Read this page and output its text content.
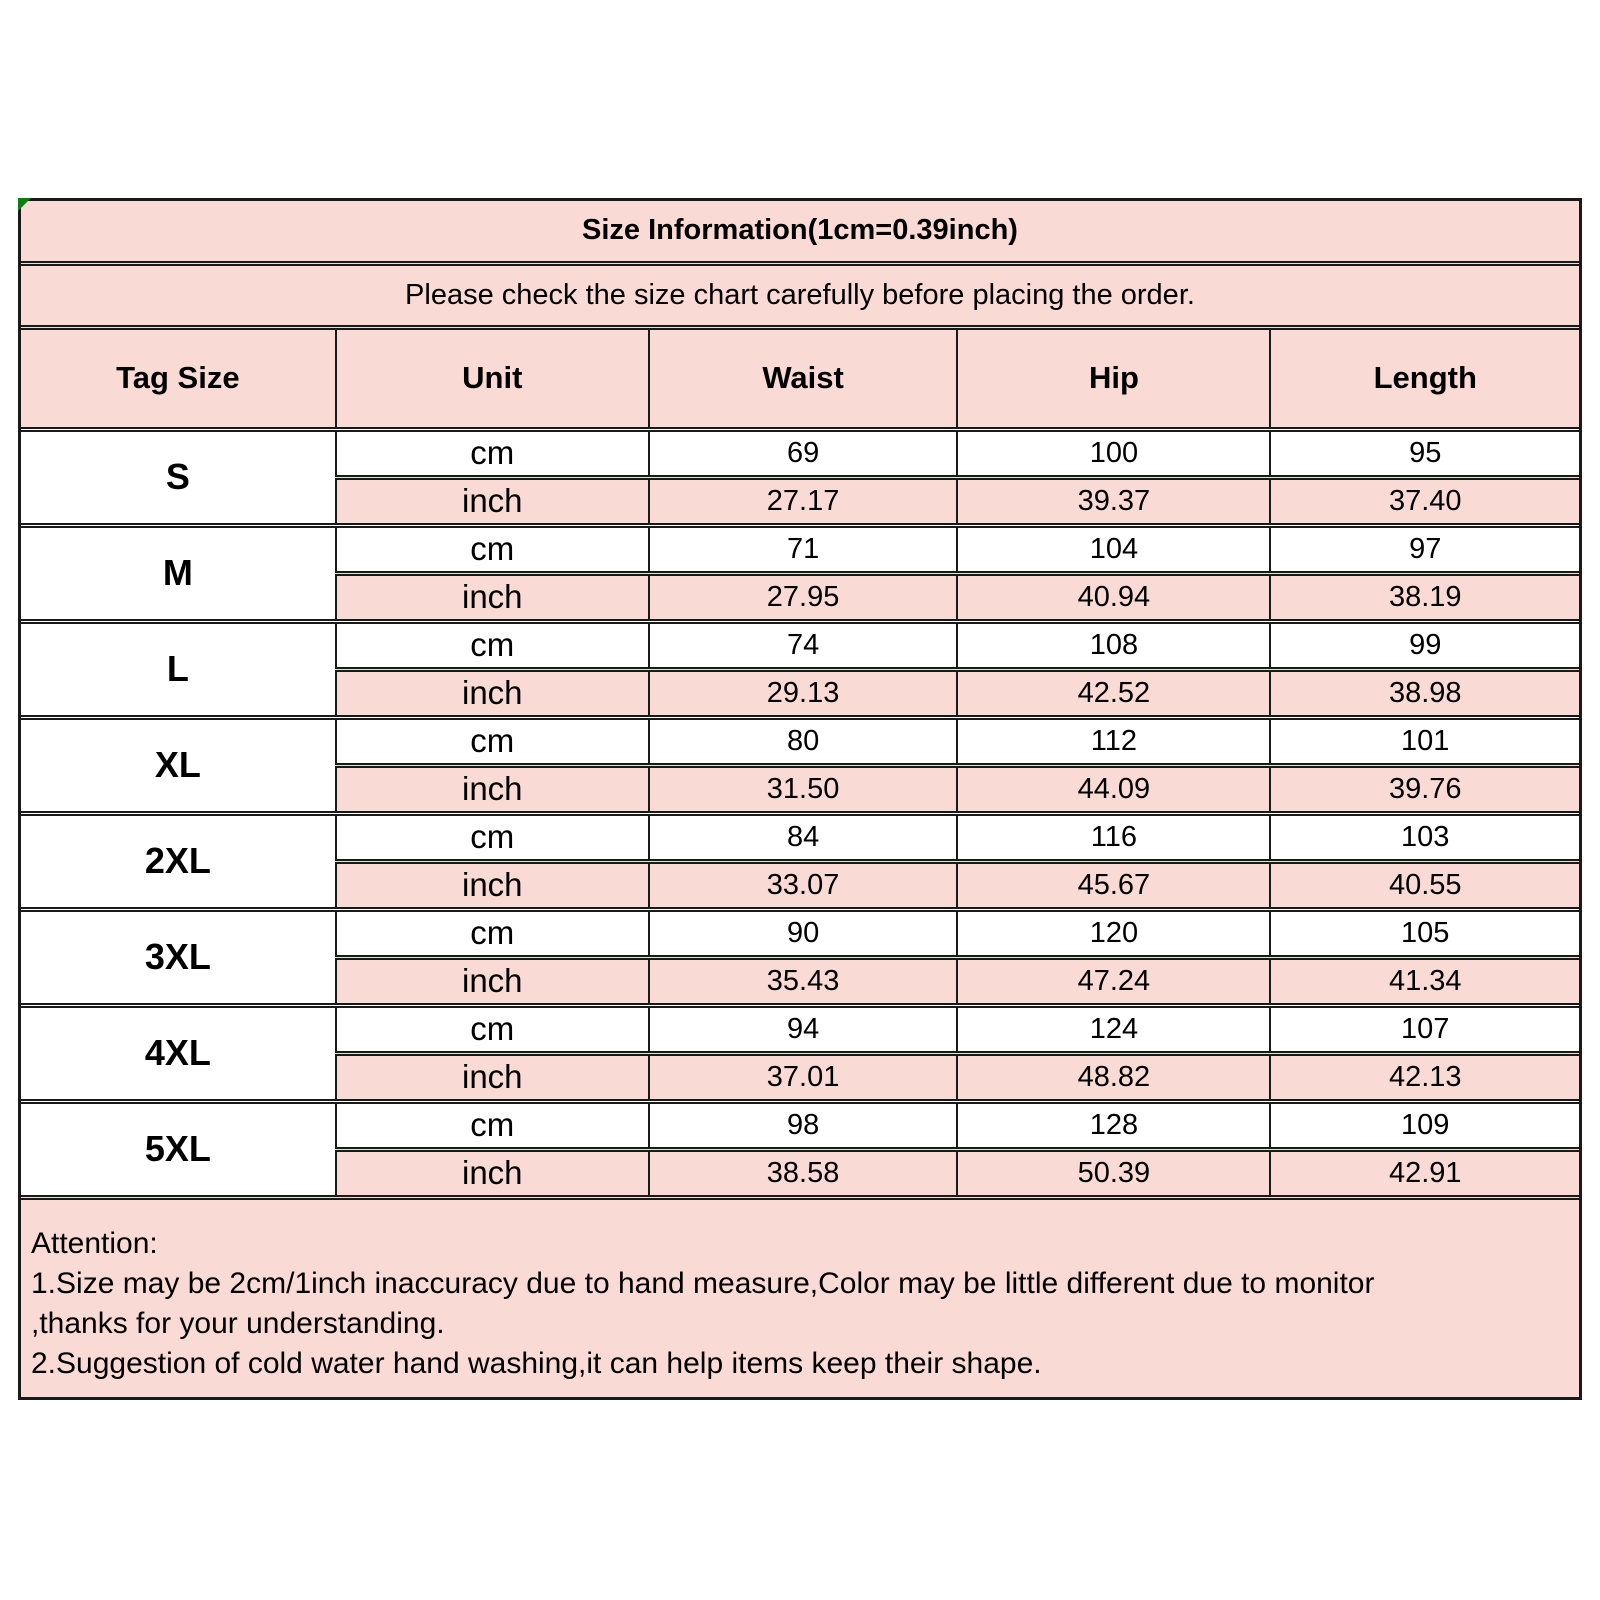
Size Information(1cm=0.39inch)				
Please check the size chart carefully before placing the order.				
Tag Size	Unit	Waist	Hip	Length
S	cm	69	100	95
	inch	27.17	39.37	37.40
M	cm	71	104	97
	inch	27.95	40.94	38.19
L	cm	74	108	99
	inch	29.13	42.52	38.98
XL	cm	80	112	101
	inch	31.50	44.09	39.76
2XL	cm	84	116	103
	inch	33.07	45.67	40.55
3XL	cm	90	120	105
	inch	35.43	47.24	41.34
4XL	cm	94	124	107
	inch	37.01	48.82	42.13
5XL	cm	98	128	109
	inch	38.58	50.39	42.91
Attention:
1.Size may be 2cm/1inch inaccuracy due to hand measure,Color may be little different due to monitor
,thanks for your understanding.
2.Suggestion of cold water hand washing,it can help items keep their shape.
